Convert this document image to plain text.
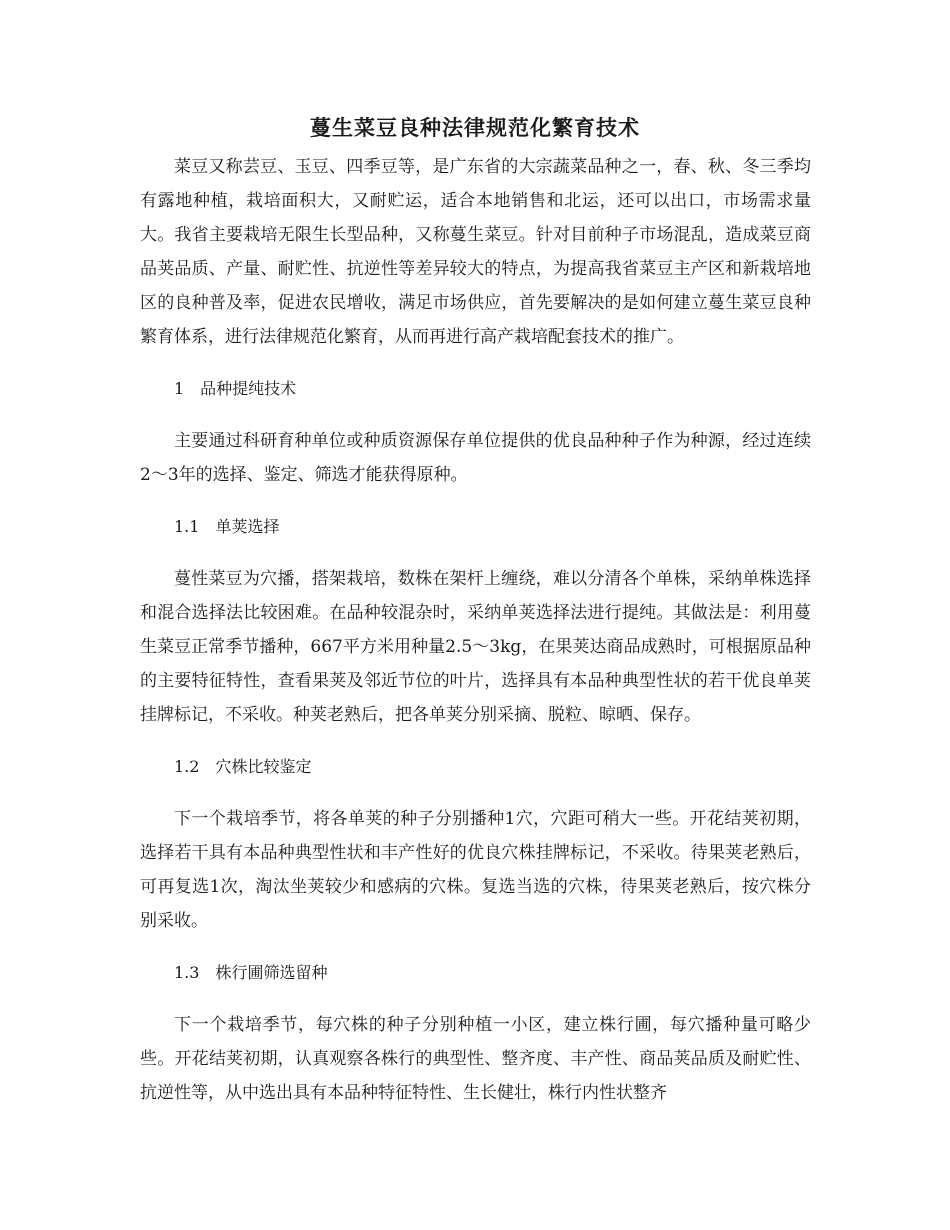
蔓生菜豆良种法律规范化繁育技术

菜豆又称芸豆、玉豆、四季豆等，是广东省的大宗蔬菜品种之一，春、秋、冬三季均有露地种植，栽培面积大，又耐贮运，适合本地销售和北运，还可以出口，市场需求量大。我省主要栽培无限生长型品种，又称蔓生菜豆。针对目前种子市场混乱，造成菜豆商品荚品质、产量、耐贮性、抗逆性等差异较大的特点，为提高我省菜豆主产区和新栽培地区的良种普及率，促进农民增收，满足市场供应，首先要解决的是如何建立蔓生菜豆良种繁育体系，进行法律规范化繁育，从而再进行高产栽培配套技术的推广。

1　品种提纯技术

主要通过科研育种单位或种质资源保存单位提供的优良品种种子作为种源，经过连续2～3年的选择、鉴定、筛选才能获得原种。

1.1　单荚选择

蔓性菜豆为穴播，搭架栽培，数株在架杆上缠绕，难以分清各个单株，采纳单株选择和混合选择法比较困难。在品种较混杂时，采纳单荚选择法进行提纯。其做法是：利用蔓生菜豆正常季节播种，667平方米用种量2.5～3kg，在果荚达商品成熟时，可根据原品种的主要特征特性，查看果荚及邻近节位的叶片，选择具有本品种典型性状的若干优良单荚挂牌标记，不采收。种荚老熟后，把各单荚分别采摘、脱粒、晾晒、保存。

1.2　穴株比较鉴定

下一个栽培季节，将各单荚的种子分别播种1穴，穴距可稍大一些。开花结荚初期，选择若干具有本品种典型性状和丰产性好的优良穴株挂牌标记，不采收。待果荚老熟后，可再复选1次，淘汰坐荚较少和感病的穴株。复选当选的穴株，待果荚老熟后，按穴株分别采收。

1.3　株行圃筛选留种

下一个栽培季节，每穴株的种子分别种植一小区，建立株行圃，每穴播种量可略少些。开花结荚初期，认真观察各株行的典型性、整齐度、丰产性、商品荚品质及耐贮性、抗逆性等，从中选出具有本品种特征特性、生长健壮，株行内性状整齐
